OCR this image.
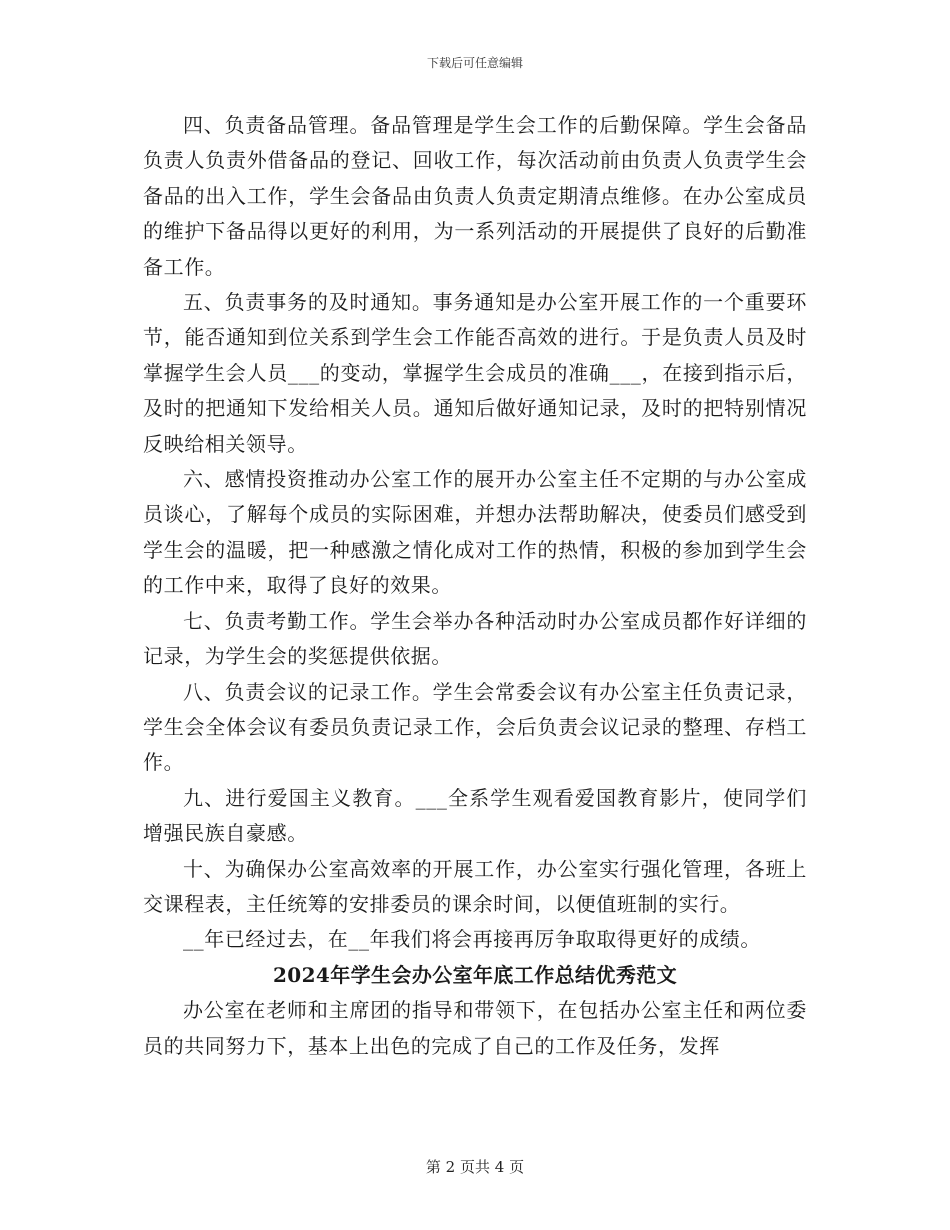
下载后可任意编辑

四、负责备品管理。备品管理是学生会工作的后勤保障。学生会备品负责人负责外借备品的登记、回收工作，每次活动前由负责人负责学生会备品的出入工作，学生会备品由负责人负责定期清点维修。在办公室成员的维护下备品得以更好的利用，为一系列活动的开展提供了良好的后勤准备工作。

五、负责事务的及时通知。事务通知是办公室开展工作的一个重要环节，能否通知到位关系到学生会工作能否高效的进行。于是负责人员及时掌握学生会人员___的变动，掌握学生会成员的准确___，在接到指示后，及时的把通知下发给相关人员。通知后做好通知记录，及时的把特别情况反映给相关领导。

六、感情投资推动办公室工作的展开办公室主任不定期的与办公室成员谈心，了解每个成员的实际困难，并想办法帮助解决，使委员们感受到学生会的温暖，把一种感激之情化成对工作的热情，积极的参加到学生会的工作中来，取得了良好的效果。

七、负责考勤工作。学生会举办各种活动时办公室成员都作好详细的记录，为学生会的奖惩提供依据。

八、负责会议的记录工作。学生会常委会议有办公室主任负责记录，学生会全体会议有委员负责记录工作，会后负责会议记录的整理、存档工作。

九、进行爱国主义教育。___全系学生观看爱国教育影片，使同学们增强民族自豪感。

十、为确保办公室高效率的开展工作，办公室实行强化管理，各班上交课程表，主任统筹的安排委员的课余时间，以便值班制的实行。

__年已经过去，在__年我们将会再接再厉争取取得更好的成绩。

2024年学生会办公室年底工作总结优秀范文

办公室在老师和主席团的指导和带领下，在包括办公室主任和两位委员的共同努力下，基本上出色的完成了自己的工作及任务，发挥

第 2 页共 4 页
